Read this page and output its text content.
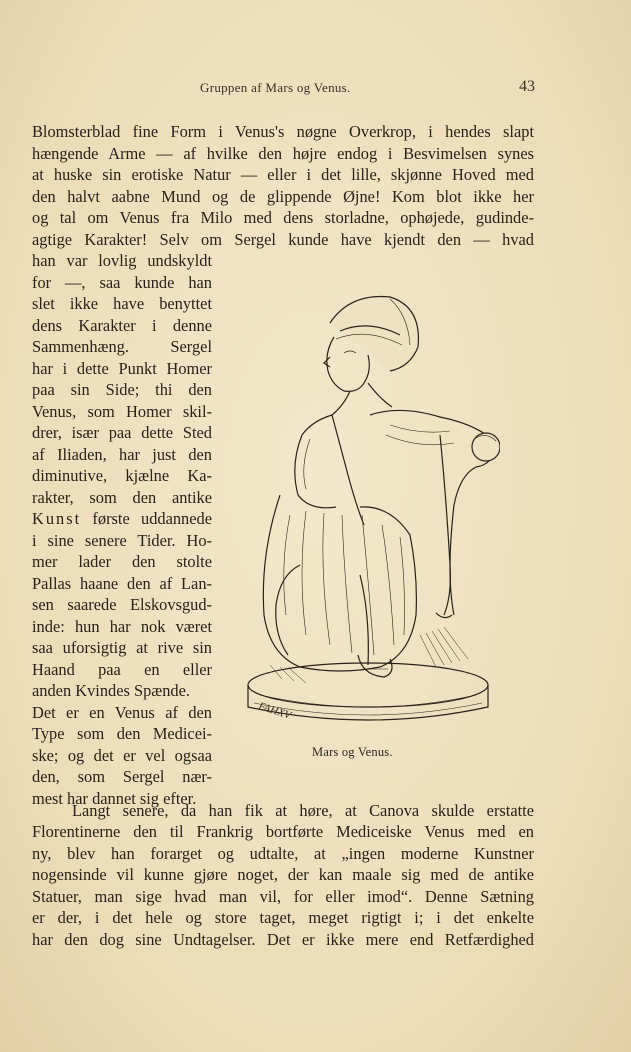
Gruppen af Mars og Venus.	43
Blomsterblad fine Form i Venus's nøgne Overkrop, i hendes slapt
hængende Arme — af hvilke den højre endog i Besvimelsen synes
at huske sin erotiske Natur — eller i det lille, skjønne Hoved med
den halvt aabne Mund og de glippende Øjne! Kom blot ikke her
og tal om Venus fra Milo med dens storladne, ophøjede, gudinde-
agtige Karakter! Selv om Sergel kunde have kjendt den — hvad
han var lovlig undskyldt
for —, saa kunde han
slet ikke have benyttet
dens Karakter i denne
Sammenhæng. Sergel
har i dette Punkt Homer
paa sin Side; thi den
Venus, som Homer skil-
drer, især paa dette Sted
af Iliaden, har just den
diminutive, kjælne Ka-
rakter, som den antike
Kunst første uddannede
i sine senere Tider. Ho-
mer lader den stolte
Pallas haane den af Lan-
sen saarede Elskovsgud-
inde: hun har nok været
saa uforsigtig at rive sin
Haand paa en eller
anden Kvindes Spænde.
Det er en Venus af den
Type som den Medicei-
ske; og det er vel ogsaa
den, som Sergel nær-
mest har dannet sig efter.
FAHXV
Mars og Venus.
Langt senere, da han fik at høre, at Canova skulde erstatte
Florentinerne den til Frankrig bortførte Mediceiske Venus med en
ny, blev han forarget og udtalte, at „ingen moderne Kunstner
nogensinde vil kunne gjøre noget, der kan maale sig med de antike
Statuer, man sige hvad man vil, for eller imod“. Denne Sætning
er der, i det hele og store taget, meget rigtigt i; i det enkelte
har den dog sine Undtagelser. Det er ikke mere end Retfærdighed
